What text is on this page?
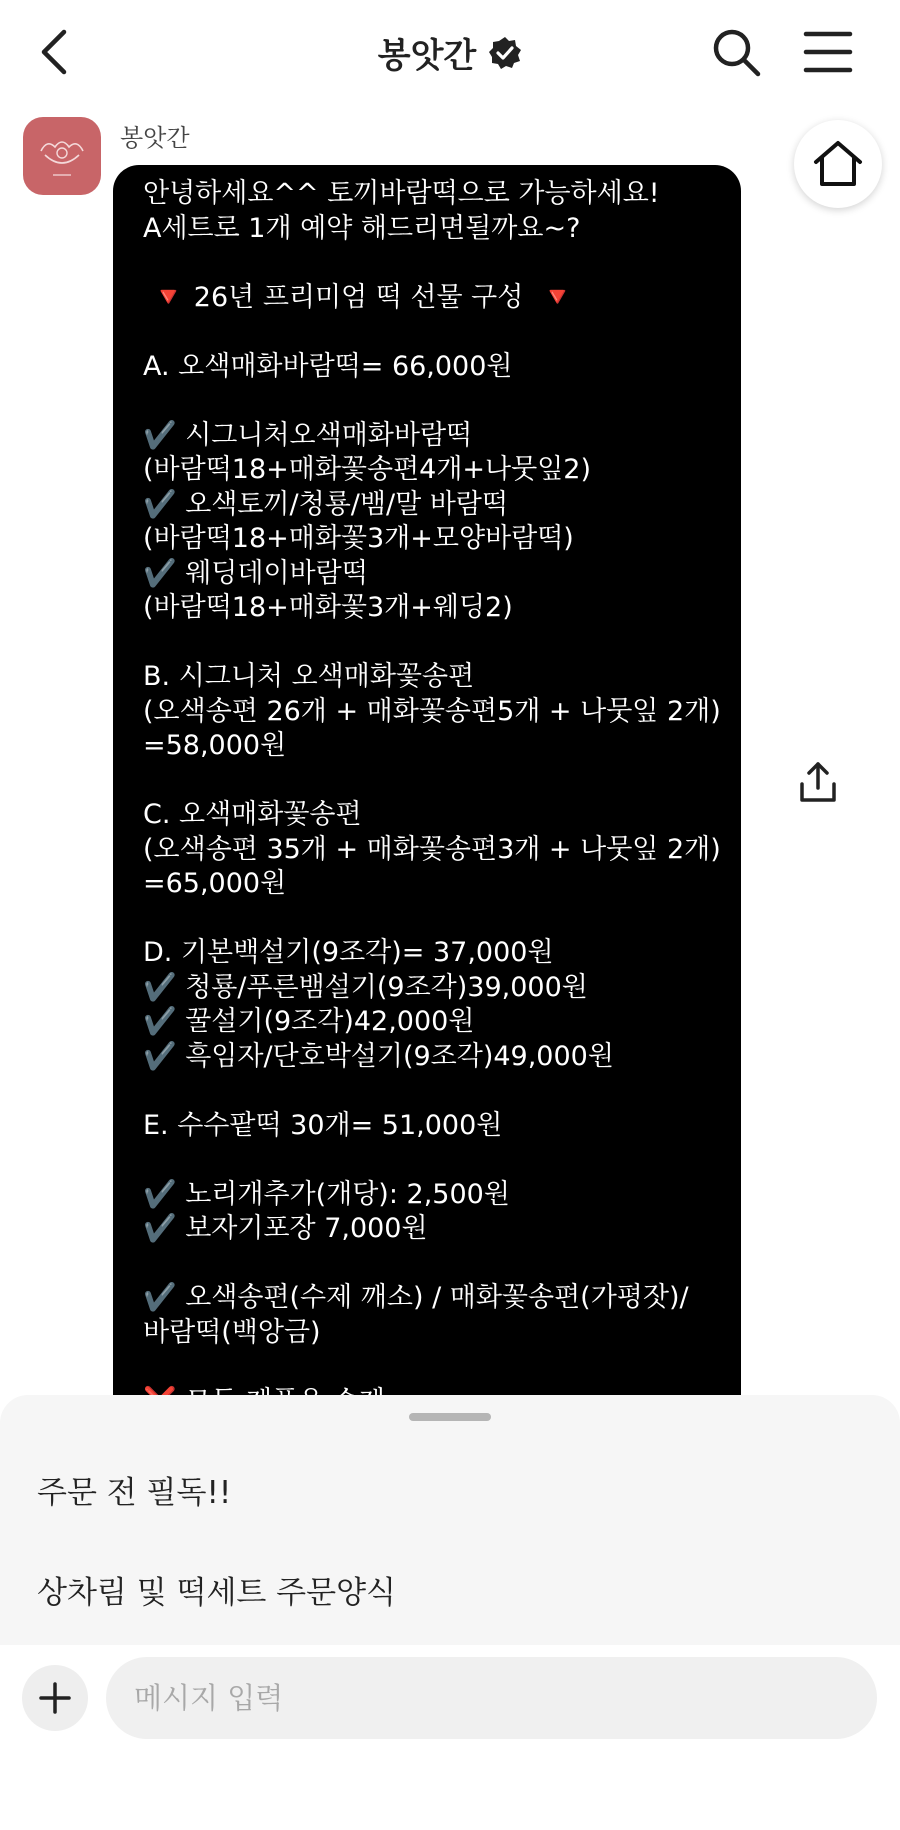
봉앗간
봉앗간
안녕하세요^^ 토끼바람떡으로 가능하세요!
A세트로 1개 예약 해드리면될까요~?
🔻 26년 프리미엄 떡 선물 구성  🔻
A. 오색매화바람떡= 66,000원
✔️ 시그니처오색매화바람떡
(바람떡18+매화꽃송편4개+나뭇잎2)
✔️ 오색토끼/청룡/뱀/말 바람떡
(바람떡18+매화꽃3개+모양바람떡)
✔️ 웨딩데이바람떡
(바람떡18+매화꽃3개+웨딩2)
B. 시그니처 오색매화꽃송편
(오색송편 26개 + 매화꽃송편5개 + 나뭇잎 2개)
=58,000원
C. 오색매화꽃송편
(오색송편 35개 + 매화꽃송편3개 + 나뭇잎 2개)
=65,000원
D. 기본백설기(9조각)= 37,000원
✔️ 청룡/푸른뱀설기(9조각)39,000원
✔️ 꿀설기(9조각)42,000원
✔️ 흑임자/단호박설기(9조각)49,000원
E. 수수팥떡 30개= 51,000원
✔️ 노리개추가(개당): 2,500원
✔️ 보자기포장 7,000원
✔️ 오색송편(수제 깨소) / 매화꽃송편(가평잣)/
바람떡(백앙금)
주문 전 필독!!
상차림 및 떡세트 주문양식
메시지 입력
